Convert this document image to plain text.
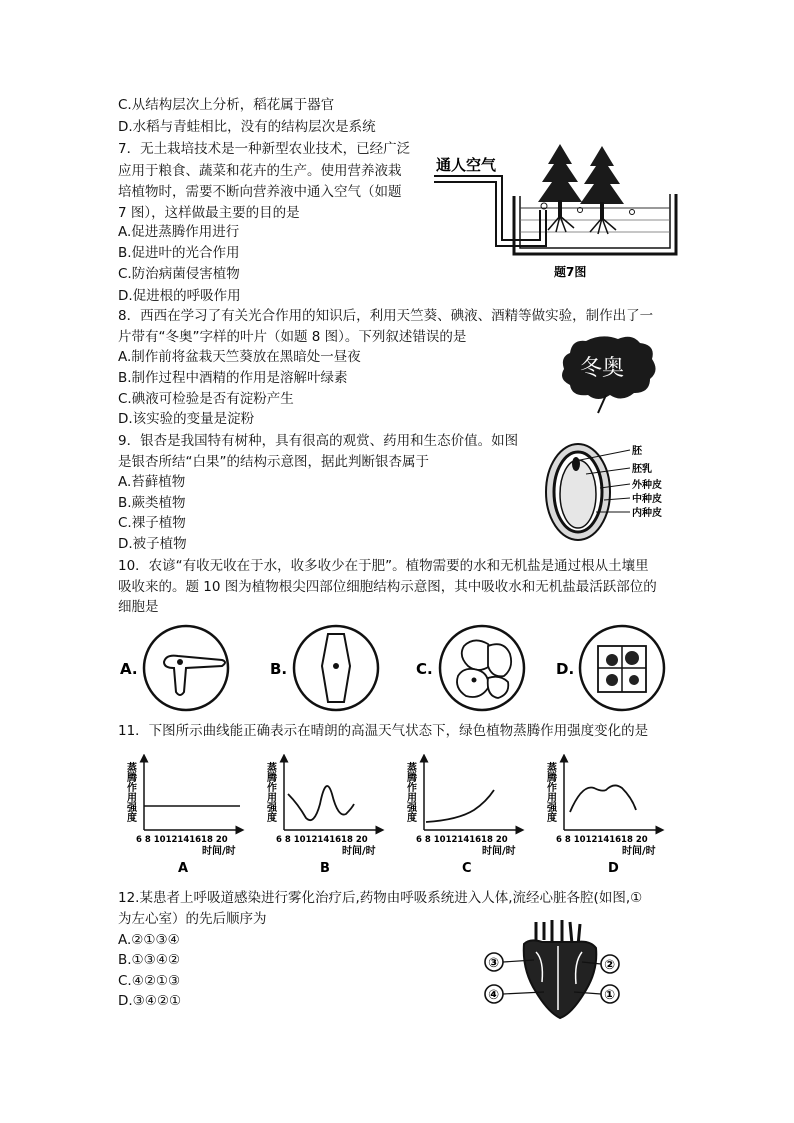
C.从结构层次上分析，稻花属于器官
D.水稻与青蛙相比，没有的结构层次是系统
7．无土栽培技术是一种新型农业技术，已经广泛
应用于粮食、蔬菜和花卉的生产。使用营养液栽
培植物时，需要不断向营养液中通入空气（如题
7 图），这样做最主要的目的是
A.促进蒸腾作用进行
B.促进叶的光合作用
C.防治病菌侵害植物
D.促进根的呼吸作用
通人空气
题7图
8．西西在学习了有关光合作用的知识后，利用天竺葵、碘液、酒精等做实验，制作出了一
片带有“冬奥”字样的叶片（如题 8 图）。下列叙述错误的是
A.制作前将盆栽天竺葵放在黑暗处一昼夜
B.制作过程中酒精的作用是溶解叶绿素
C.碘液可检验是否有淀粉产生
D.该实验的变量是淀粉
冬奥
9．银杏是我国特有树种，具有很高的观赏、药用和生态价值。如图
是银杏所结“白果”的结构示意图，据此判断银杏属于
A.苔藓植物
B.蕨类植物
C.裸子植物
D.被子植物
胚
胚乳
外种皮
中种皮
内种皮
10．农谚“有收无收在于水，收多收少在于肥”。植物需要的水和无机盐是通过根从土壤里
吸收来的。题 10 图为植物根尖四部位细胞结构示意图，其中吸收水和无机盐最活跃部位的
细胞是
A.	B.	C.	D.
11．下图所示曲线能正确表示在晴朗的高温天气状态下，绿色植物蒸腾作用强度变化的是
蒸腾作用强度
6 8 1012141618 20
时间/时
A
蒸腾作用强度
6 8 1012141618 20
时间/时
B
蒸腾作用强度
6 8 1012141618 20
时间/时
C
蒸腾作用强度
6 8 1012141618 20
时间/时
D
12.某患者上呼吸道感染进行雾化治疗后,药物由呼吸系统进入人体,流经心脏各腔(如图,①
为左心室）的先后顺序为
A.②①③④
B.①③④②
C.④②①③
D.③④②①
③	②
④	①
